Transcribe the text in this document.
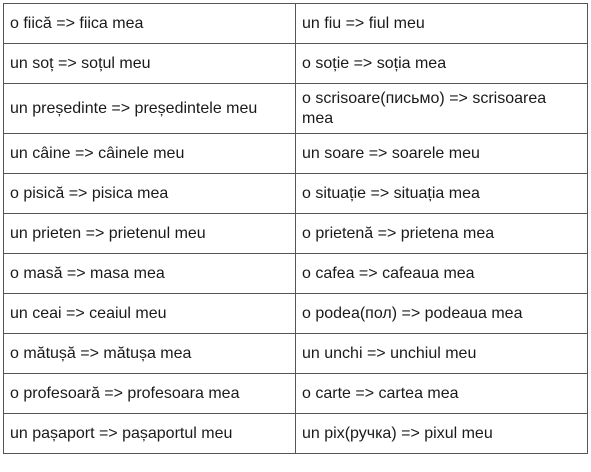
o fiică => fiica mea	un fiu => fiul meu
un soț => soțul meu	o soție => soția mea
un președinte => președintele meu	o scrisoare(письмо) => scrisoarea mea
un câine => câinele meu	un soare => soarele meu
o pisică => pisica mea	o situație => situația mea
un prieten => prietenul meu	o prietenă => prietena mea
o masă => masa mea	o cafea => cafeaua mea
un ceai => ceaiul meu	o podea(пол) => podeaua mea
o mătușă => mătușa mea	un unchi => unchiul meu
o profesoară => profesoara mea	o carte => cartea mea
un pașaport => pașaportul meu	un pix(ручка) => pixul meu
